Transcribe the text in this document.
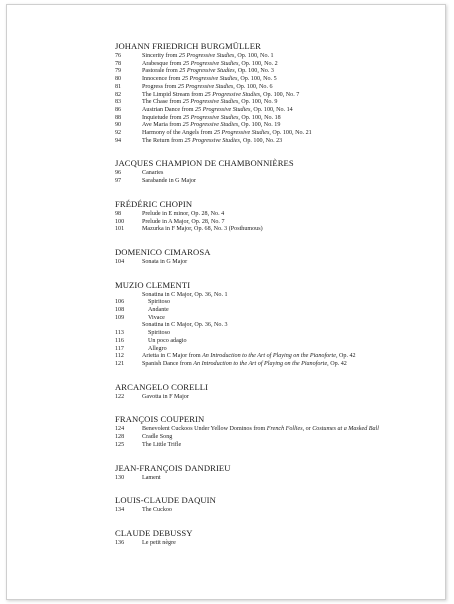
JOHANN FRIEDRICH BURGMÜLLER
76	Sincerity from 25 Progressive Studies, Op. 100, No. 1
78	Arabesque from 25 Progressive Studies, Op. 100, No. 2
79	Pastorale from 25 Progressive Studies, Op. 100, No. 3
80	Innocence from 25 Progressive Studies, Op. 100, No. 5
81	Progress from 25 Progressive Studies, Op. 100, No. 6
82	The Limpid Stream from 25 Progressive Studies, Op. 100, No. 7
83	The Chase from 25 Progressive Studies, Op. 100, No. 9
86	Austrian Dance from 25 Progressive Studies, Op. 100, No. 14
88	Inquietude from 25 Progressive Studies, Op. 100, No. 18
90	Ave Maria from 25 Progressive Studies, Op. 100, No. 19
92	Harmony of the Angels from 25 Progressive Studies, Op. 100, No. 21
94	The Return from 25 Progressive Studies, Op. 100, No. 23
JACQUES CHAMPION DE CHAMBONNIÈRES
96	Canaries
97	Sarabande in G Major
FRÉDÉRIC CHOPIN
98	Prelude in E minor, Op. 28, No. 4
100	Prelude in A Major, Op. 28, No. 7
101	Mazurka in F Major, Op. 68, No. 3 (Posthumous)
DOMENICO CIMAROSA
104	Sonata in G Major
MUZIO CLEMENTI
Sonatina in C Major, Op. 36, No. 1
106	Spiritoso
108	Andante
109	Vivace
Sonatina in C Major, Op. 36, No. 3
113	Spiritoso
116	Un poco adagio
117	Allegro
112	Arietta in C Major from An Introduction to the Art of Playing on the Pianoforte, Op. 42
121	Spanish Dance from An Introduction to the Art of Playing on the Pianoforte, Op. 42
ARCANGELO CORELLI
122	Gavotta in F Major
FRANÇOIS COUPERIN
124	Benevolent Cuckoos Under Yellow Dominos from French Follies, or Costumes at a Masked Ball
128	Cradle Song
125	The Little Trifle
JEAN-FRANÇOIS DANDRIEU
130	Lament
LOUIS-CLAUDE DAQUIN
134	The Cuckoo
CLAUDE DEBUSSY
136	Le petit nègre
